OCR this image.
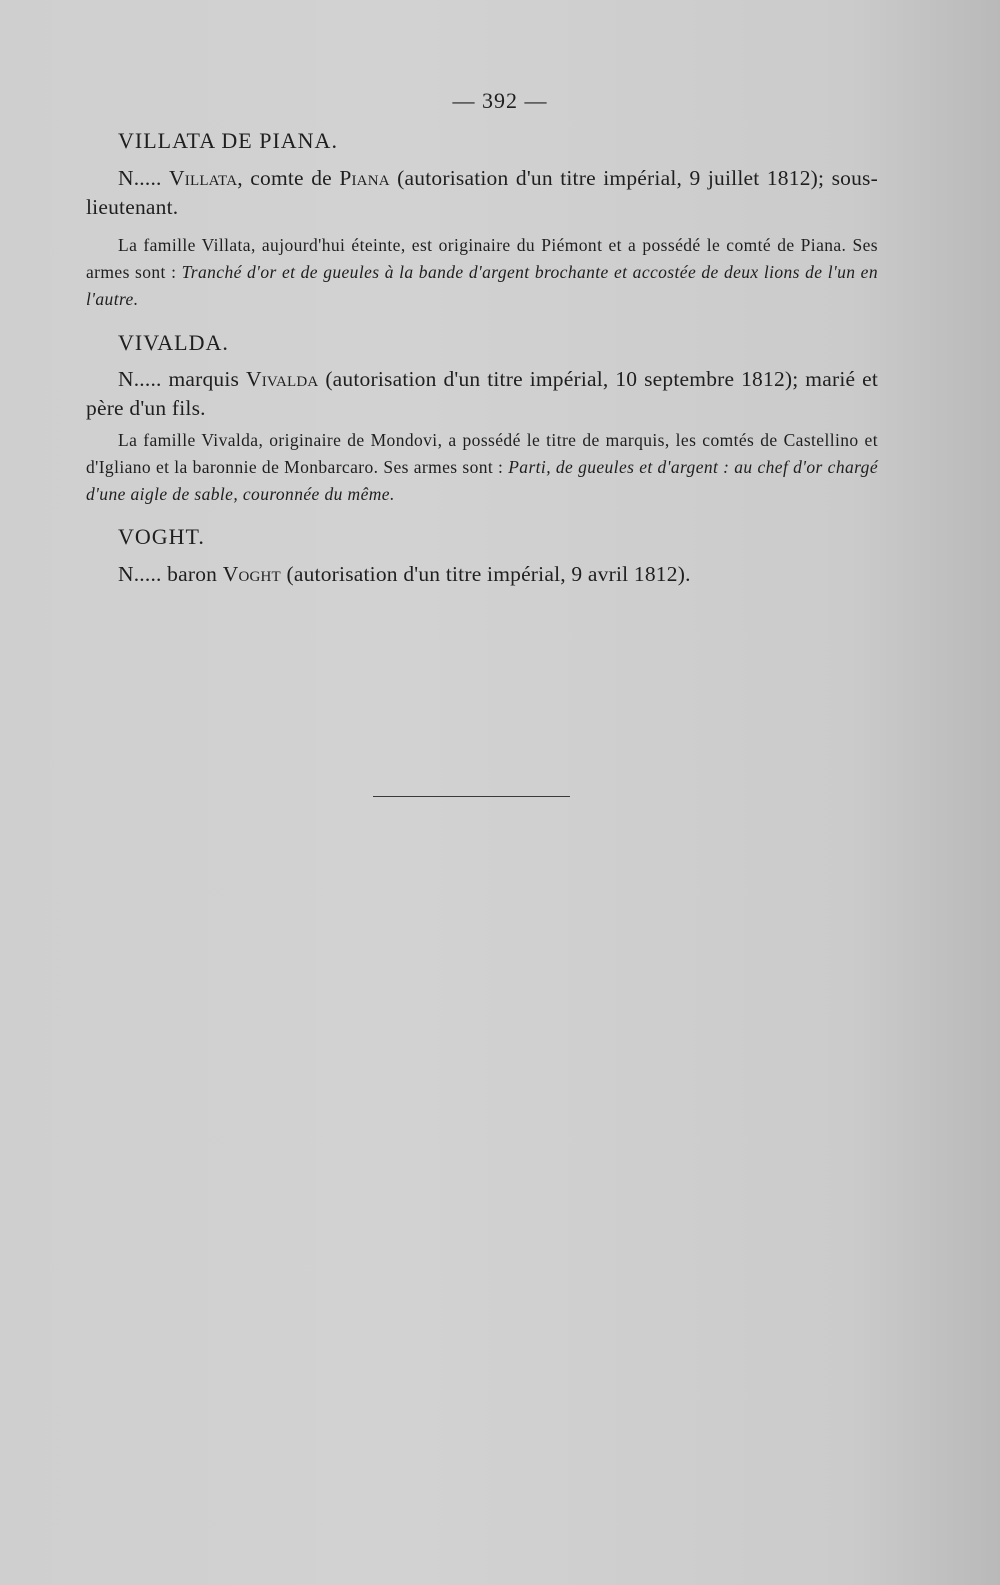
— 392 —
VILLATA DE PIANA.

N..... Villata, comte de Piana (autorisation d'un titre impérial, 9 juillet 1812); sous-lieutenant.

La famille Villata, aujourd'hui éteinte, est originaire du Piémont et a possédé le comté de Piana. Ses armes sont : Tranché d'or et de gueules à la bande d'argent brochante et accostée de deux lions de l'un en l'autre.

VIVALDA.

N..... marquis Vivalda (autorisation d'un titre impérial, 10 septembre 1812); marié et père d'un fils.

La famille Vivalda, originaire de Mondovi, a possédé le titre de marquis, les comtés de Castellino et d'Igliano et la baronnie de Monbarcaro. Ses armes sont : Parti, de gueules et d'argent : au chef d'or chargé d'une aigle de sable, couronnée du même.

VOGHT.

N..... baron Voght (autorisation d'un titre impérial, 9 avril 1812).
